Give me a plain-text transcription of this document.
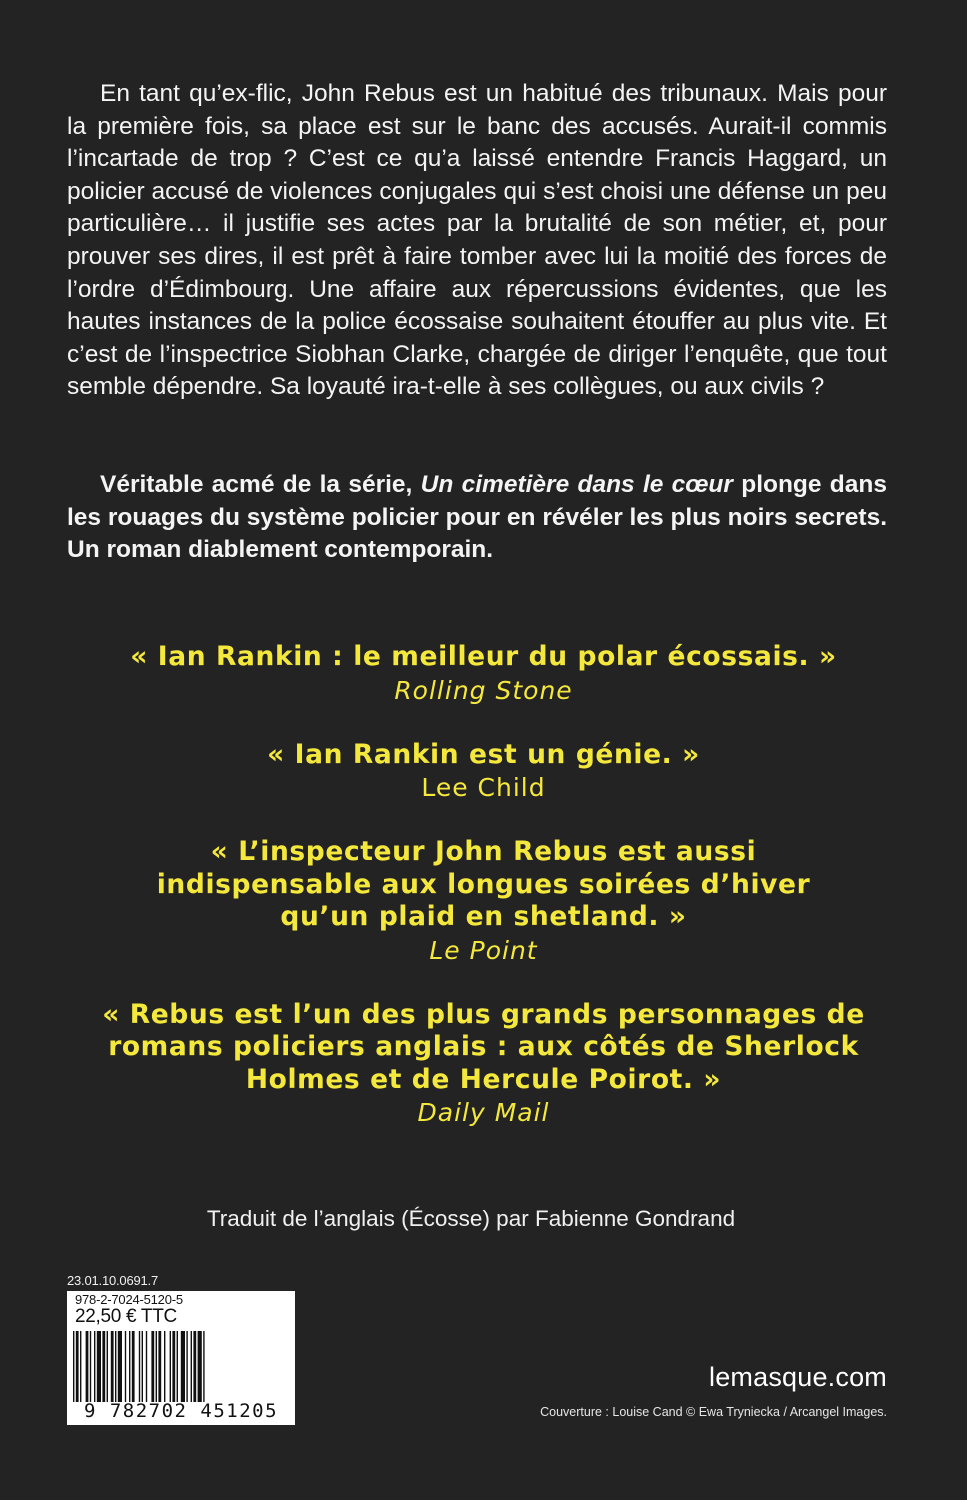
En tant qu’ex-flic, John Rebus est un habitué des tribunaux. Mais pour la première fois, sa place est sur le banc des accusés. Aurait-il commis l’incartade de trop ? C’est ce qu’a laissé entendre Francis Haggard, un policier accusé de violences conjugales qui s’est choisi une défense un peu particulière… il justifie ses actes par la brutalité de son métier, et, pour prouver ses dires, il est prêt à faire tomber avec lui la moitié des forces de l’ordre d’Édimbourg. Une affaire aux répercussions évidentes, que les hautes instances de la police écossaise souhaitent étouffer au plus vite. Et c’est de l’inspectrice Siobhan Clarke, chargée de diriger l’enquête, que tout semble dépendre. Sa loyauté ira-t-elle à ses collègues, ou aux civils ?

Véritable acmé de la série, Un cimetière dans le cœur plonge dans les rouages du système policier pour en révéler les plus noirs secrets. Un roman diablement contemporain.

« Ian Rankin : le meilleur du polar écossais. »

Rolling Stone

« Ian Rankin est un génie. »

Lee Child

« L’inspecteur John Rebus est aussi indispensable aux longues soirées d’hiver qu’un plaid en shetland. »

Le Point

« Rebus est l’un des plus grands personnages de romans policiers anglais : aux côtés de Sherlock Holmes et de Hercule Poirot. »

Daily Mail

Traduit de l’anglais (Écosse) par Fabienne Gondrand
23.01.10.0691.7
978-2-7024-5120-5
22,50 € TTC
9 782702 451205
lemasque.com
Couverture : Louise Cand © Ewa Tryniecka / Arcangel Images.
